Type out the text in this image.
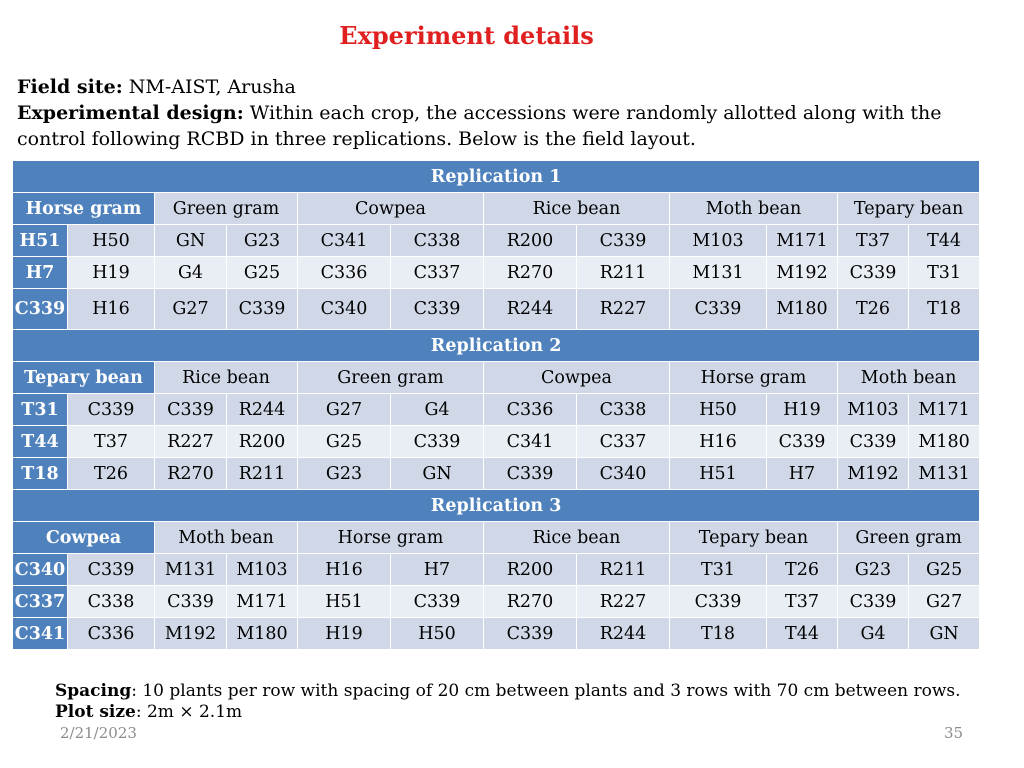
Experiment details
Field site: NM-AIST, Arusha
Experimental design: Within each crop, the accessions were randomly allotted along with the control following RCBD in three replications. Below is the field layout.
Replication 1											
Horse gram		Green gram		Cowpea		Rice bean		Moth bean		Tepary bean	
H51	H50	GN	G23	C341	C338	R200	C339	M103	M171	T37	T44
H7	H19	G4	G25	C336	C337	R270	R211	M131	M192	C339	T31
C339	H16	G27	C339	C340	C339	R244	R227	C339	M180	T26	T18
Replication 2											
Tepary bean		Rice bean		Green gram		Cowpea		Horse gram		Moth bean	
T31	C339	C339	R244	G27	G4	C336	C338	H50	H19	M103	M171
T44	T37	R227	R200	G25	C339	C341	C337	H16	C339	C339	M180
T18	T26	R270	R211	G23	GN	C339	C340	H51	H7	M192	M131
Replication 3											
Cowpea		Moth bean		Horse gram		Rice bean		Tepary bean		Green gram	
C340	C339	M131	M103	H16	H7	R200	R211	T31	T26	G23	G25
C337	C338	C339	M171	H51	C339	R270	R227	C339	T37	C339	G27
C341	C336	M192	M180	H19	H50	C339	R244	T18	T44	G4	GN
Spacing: 10 plants per row with spacing of 20 cm between plants and 3 rows with 70 cm between rows.
Plot size: 2m × 2.1m
2/21/2023	35
